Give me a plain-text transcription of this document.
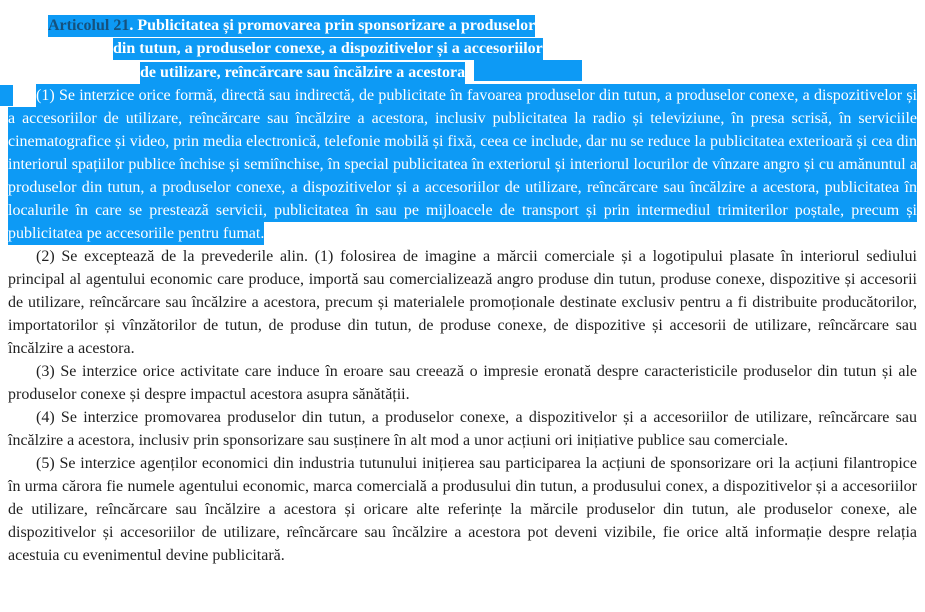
Articolul 21. Publicitatea și promovarea prin sponsorizare a produselor
din tutun, a produselor conexe, a dispozitivelor și a accesoriilor
de utilizare, reîncărcare sau încălzire a acestora

(1) Se interzice orice formă, directă sau indirectă, de publicitate în favoarea produselor din tutun, a produselor conexe, a dispozitivelor și a accesoriilor de utilizare, reîncărcare sau încălzire a acestora, inclusiv publicitatea la radio și televiziune, în presa scrisă, în serviciile cinematografice și video, prin media electronică, telefonie mobilă și fixă, ceea ce include, dar nu se reduce la publicitatea exterioară și cea din interiorul spațiilor publice închise și semiînchise, în special publicitatea în exteriorul și interiorul locurilor de vînzare angro și cu amănuntul a produselor din tutun, a produselor conexe, a dispozitivelor și a accesoriilor de utilizare, reîncărcare sau încălzire a acestora, publicitatea în localurile în care se prestează servicii, publicitatea în sau pe mijloacele de transport și prin intermediul trimiterilor poștale, precum și publicitatea pe accesoriile pentru fumat.

(2) Se exceptează de la prevederile alin. (1) folosirea de imagine a mărcii comerciale și a logotipului plasate în interiorul sediului principal al agentului economic care produce, importă sau comercializează angro produse din tutun, produse conexe, dispozitive și accesorii de utilizare, reîncărcare sau încălzire a acestora, precum și materialele promoționale destinate exclusiv pentru a fi distribuite producătorilor, importatorilor și vînzătorilor de tutun, de produse din tutun, de produse conexe, de dispozitive și accesorii de utilizare, reîncărcare sau încălzire a acestora.

(3) Se interzice orice activitate care induce în eroare sau creează o impresie eronată despre caracteristicile produselor din tutun și ale produselor conexe și despre impactul acestora asupra sănătății.

(4) Se interzice promovarea produselor din tutun, a produselor conexe, a dispozitivelor și a accesoriilor de utilizare, reîncărcare sau încălzire a acestora, inclusiv prin sponsorizare sau susținere în alt mod a unor acțiuni ori inițiative publice sau comerciale.

(5) Se interzice agenților economici din industria tutunului inițierea sau participarea la acțiuni de sponsorizare ori la acțiuni filantropice în urma cărora fie numele agentului economic, marca comercială a produsului din tutun, a produsului conex, a dispozitivelor și a accesoriilor de utilizare, reîncărcare sau încălzire a acestora și oricare alte referințe la mărcile produselor din tutun, ale produselor conexe, ale dispozitivelor și accesoriilor de utilizare, reîncărcare sau încălzire a acestora pot deveni vizibile, fie orice altă informație despre relația acestuia cu evenimentul devine publicitară.
